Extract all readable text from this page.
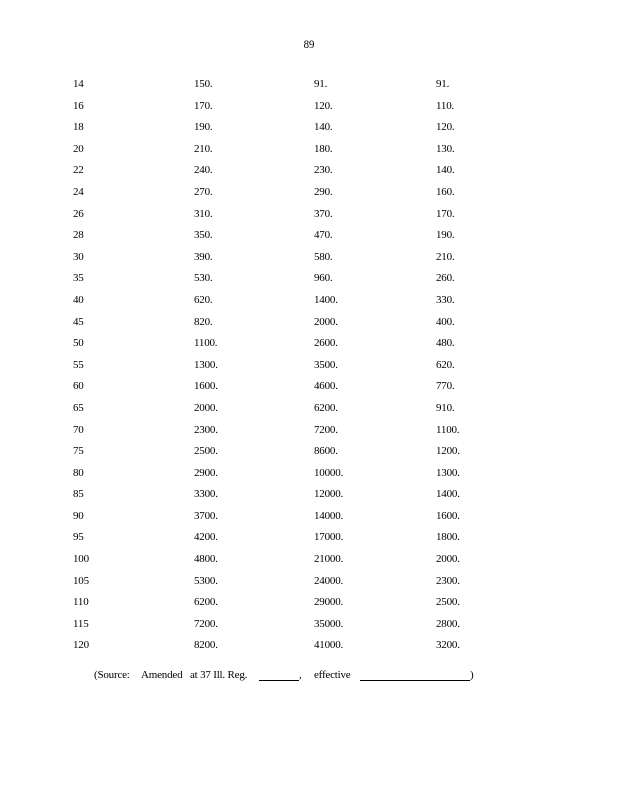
89
14	150.	91.	91.
16	170.	120.	110.
18	190.	140.	120.
20	210.	180.	130.
22	240.	230.	140.
24	270.	290.	160.
26	310.	370.	170.
28	350.	470.	190.
30	390.	580.	210.
35	530.	960.	260.
40	620.	1400.	330.
45	820.	2000.	400.
50	1100.	2600.	480.
55	1300.	3500.	620.
60	1600.	4600.	770.
65	2000.	6200.	910.
70	2300.	7200.	1100.
75	2500.	8600.	1200.
80	2900.	10000.	1300.
85	3300.	12000.	1400.
90	3700.	14000.	1600.
95	4200.	17000.	1800.
100	4800.	21000.	2000.
105	5300.	24000.	2300.
110	6200.	29000.	2500.
115	7200.	35000.	2800.
120	8200.	41000.	3200.
(Source: Amended at 37 Ill. Reg.	, effective	)
